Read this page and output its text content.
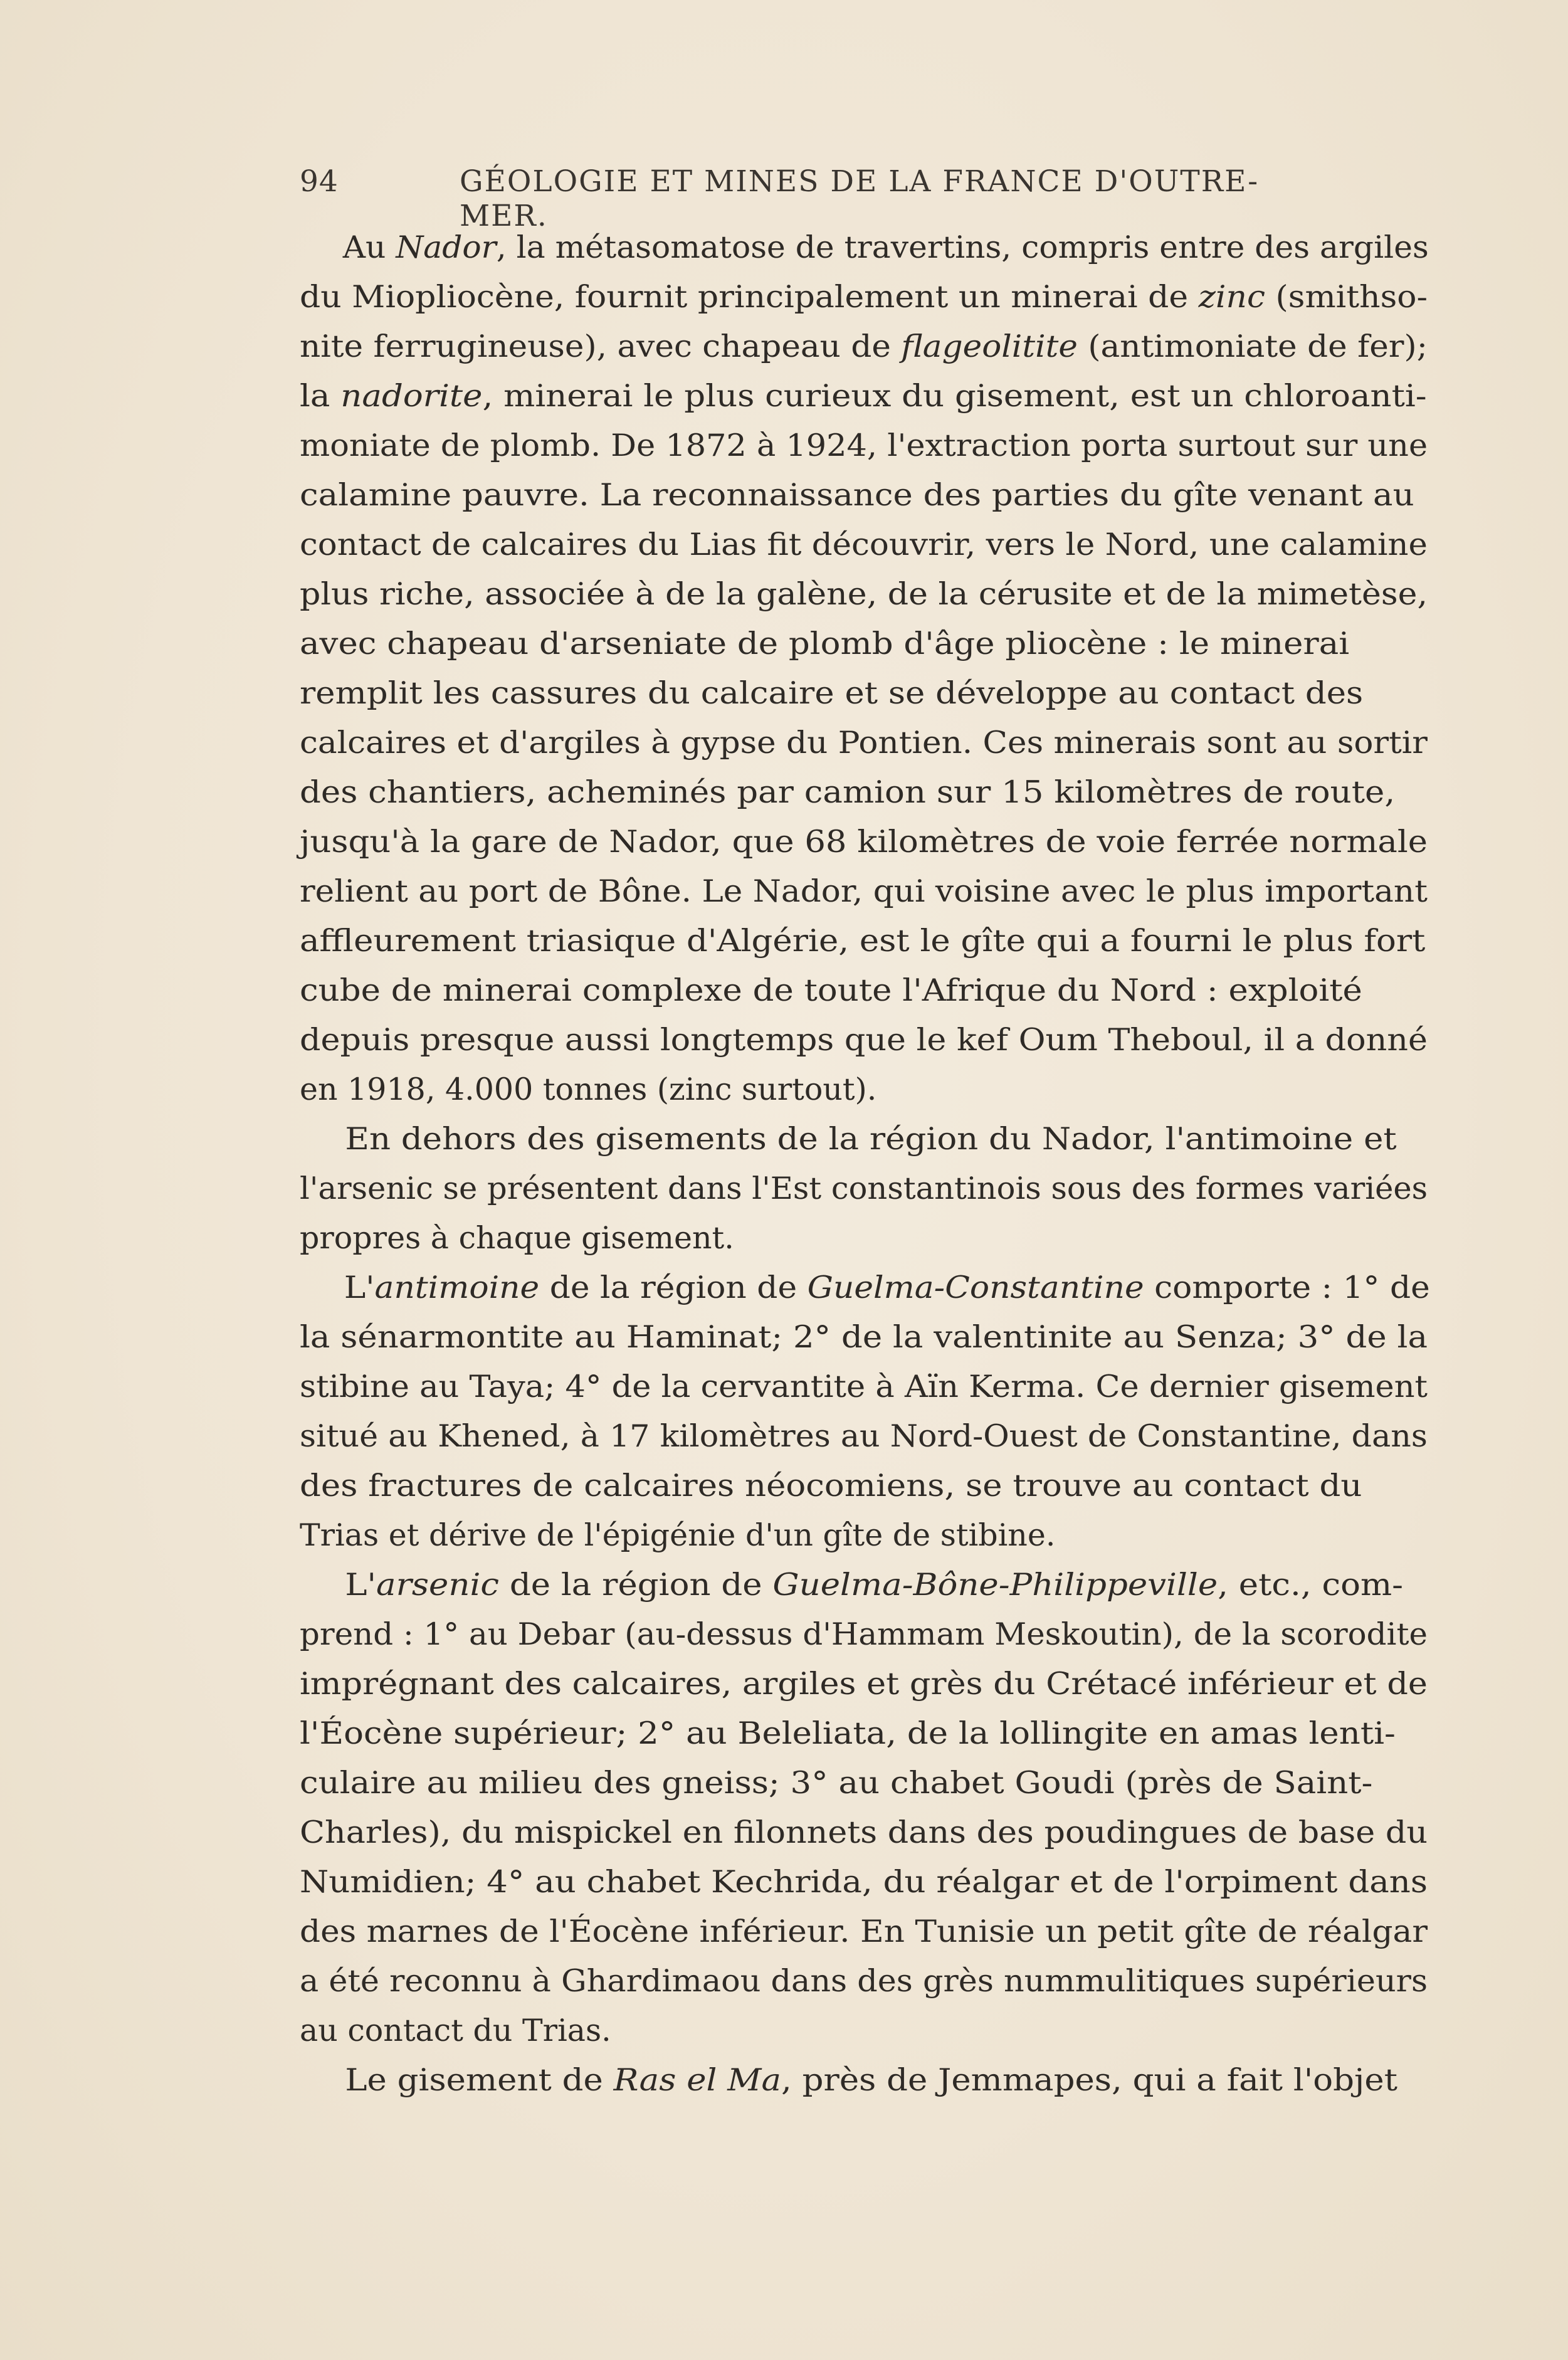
94	GÉOLOGIE ET MINES DE LA FRANCE D'OUTRE-MER.
Au Nador, la métasomatose de travertins, compris entre des argiles
du Miopliocène, fournit principalement un minerai de zinc (smithso-
nite ferrugineuse), avec chapeau de flageolitite (antimoniate de fer);
la nadorite, minerai le plus curieux du gisement, est un chloroanti-
moniate de plomb. De 1872 à 1924, l'extraction porta surtout sur une
calamine pauvre. La reconnaissance des parties du gîte venant au
contact de calcaires du Lias fit découvrir, vers le Nord, une calamine
plus riche, associée à de la galène, de la cérusite et de la mimetèse,
avec chapeau d'arseniate de plomb d'âge pliocène : le minerai
remplit les cassures du calcaire et se développe au contact des
calcaires et d'argiles à gypse du Pontien. Ces minerais sont au sortir
des chantiers, acheminés par camion sur 15 kilomètres de route,
jusqu'à la gare de Nador, que 68 kilomètres de voie ferrée normale
relient au port de Bône. Le Nador, qui voisine avec le plus important
affleurement triasique d'Algérie, est le gîte qui a fourni le plus fort
cube de minerai complexe de toute l'Afrique du Nord : exploité
depuis presque aussi longtemps que le kef Oum Theboul, il a donné
en 1918, 4.000 tonnes (zinc surtout).
En dehors des gisements de la région du Nador, l'antimoine et
l'arsenic se présentent dans l'Est constantinois sous des formes variées
propres à chaque gisement.
L'antimoine de la région de Guelma-Constantine comporte : 1° de
la sénarmontite au Haminat; 2° de la valentinite au Senza; 3° de la
stibine au Taya; 4° de la cervantite à Aïn Kerma. Ce dernier gisement
situé au Khened, à 17 kilomètres au Nord-Ouest de Constantine, dans
des fractures de calcaires néocomiens, se trouve au contact du
Trias et dérive de l'épigénie d'un gîte de stibine.
L'arsenic de la région de Guelma-Bône-Philippeville, etc., com-
prend : 1° au Debar (au-dessus d'Hammam Meskoutin), de la scorodite
imprégnant des calcaires, argiles et grès du Crétacé inférieur et de
l'Éocène supérieur; 2° au Beleliata, de la lollingite en amas lenti-
culaire au milieu des gneiss; 3° au chabet Goudi (près de Saint-
Charles), du mispickel en filonnets dans des poudingues de base du
Numidien; 4° au chabet Kechrida, du réalgar et de l'orpiment dans
des marnes de l'Éocène inférieur. En Tunisie un petit gîte de réalgar
a été reconnu à Ghardimaou dans des grès nummulitiques supérieurs
au contact du Trias.
Le gisement de Ras el Ma, près de Jemmapes, qui a fait l'objet
